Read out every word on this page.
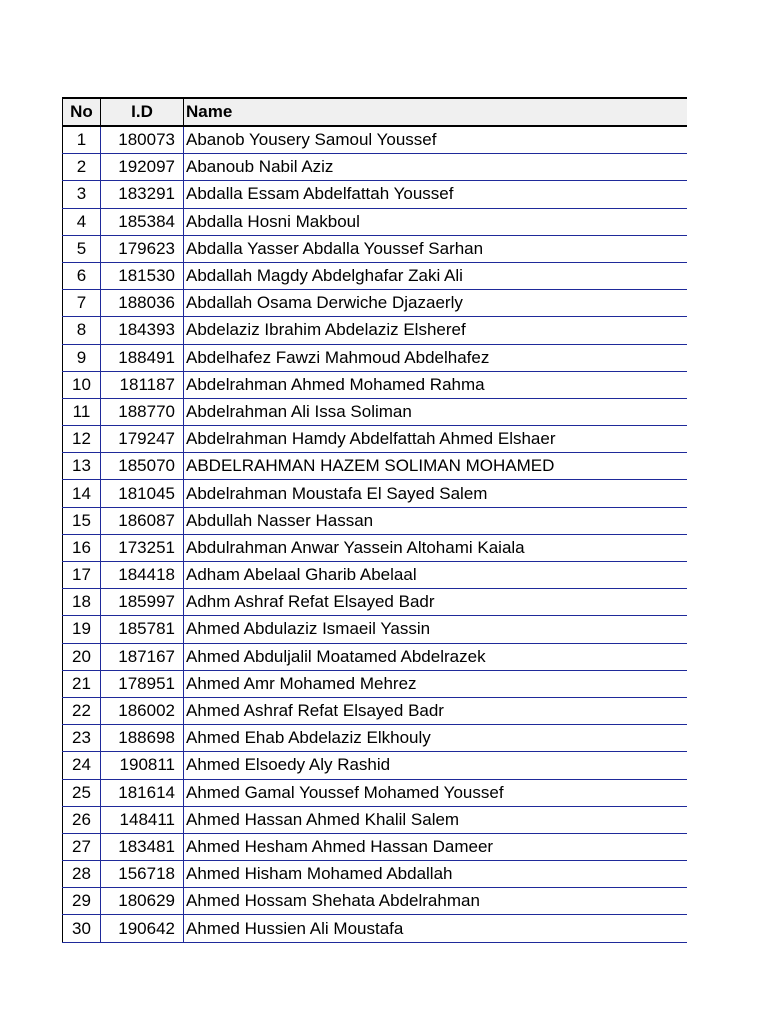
No	I.D	Name
1	180073	Abanob Yousery Samoul Youssef
2	192097	Abanoub Nabil Aziz
3	183291	Abdalla Essam Abdelfattah Youssef
4	185384	Abdalla Hosni Makboul
5	179623	Abdalla Yasser Abdalla Youssef Sarhan
6	181530	Abdallah Magdy Abdelghafar Zaki Ali
7	188036	Abdallah Osama Derwiche Djazaerly
8	184393	Abdelaziz Ibrahim Abdelaziz Elsheref
9	188491	Abdelhafez Fawzi Mahmoud Abdelhafez
10	181187	Abdelrahman Ahmed Mohamed Rahma
11	188770	Abdelrahman Ali Issa Soliman
12	179247	Abdelrahman Hamdy Abdelfattah Ahmed Elshaer
13	185070	ABDELRAHMAN HAZEM SOLIMAN MOHAMED
14	181045	Abdelrahman Moustafa El Sayed Salem
15	186087	Abdullah Nasser Hassan
16	173251	Abdulrahman Anwar Yassein Altohami Kaiala
17	184418	Adham Abelaal Gharib Abelaal
18	185997	Adhm Ashraf Refat Elsayed Badr
19	185781	Ahmed Abdulaziz Ismaeil Yassin
20	187167	Ahmed Abduljalil Moatamed Abdelrazek
21	178951	Ahmed Amr Mohamed Mehrez
22	186002	Ahmed Ashraf Refat Elsayed Badr
23	188698	Ahmed Ehab Abdelaziz Elkhouly
24	190811	Ahmed Elsoedy Aly Rashid
25	181614	Ahmed Gamal Youssef Mohamed Youssef
26	148411	Ahmed Hassan Ahmed Khalil Salem
27	183481	Ahmed Hesham Ahmed Hassan Dameer
28	156718	Ahmed Hisham Mohamed Abdallah
29	180629	Ahmed Hossam Shehata Abdelrahman
30	190642	Ahmed Hussien Ali Moustafa
